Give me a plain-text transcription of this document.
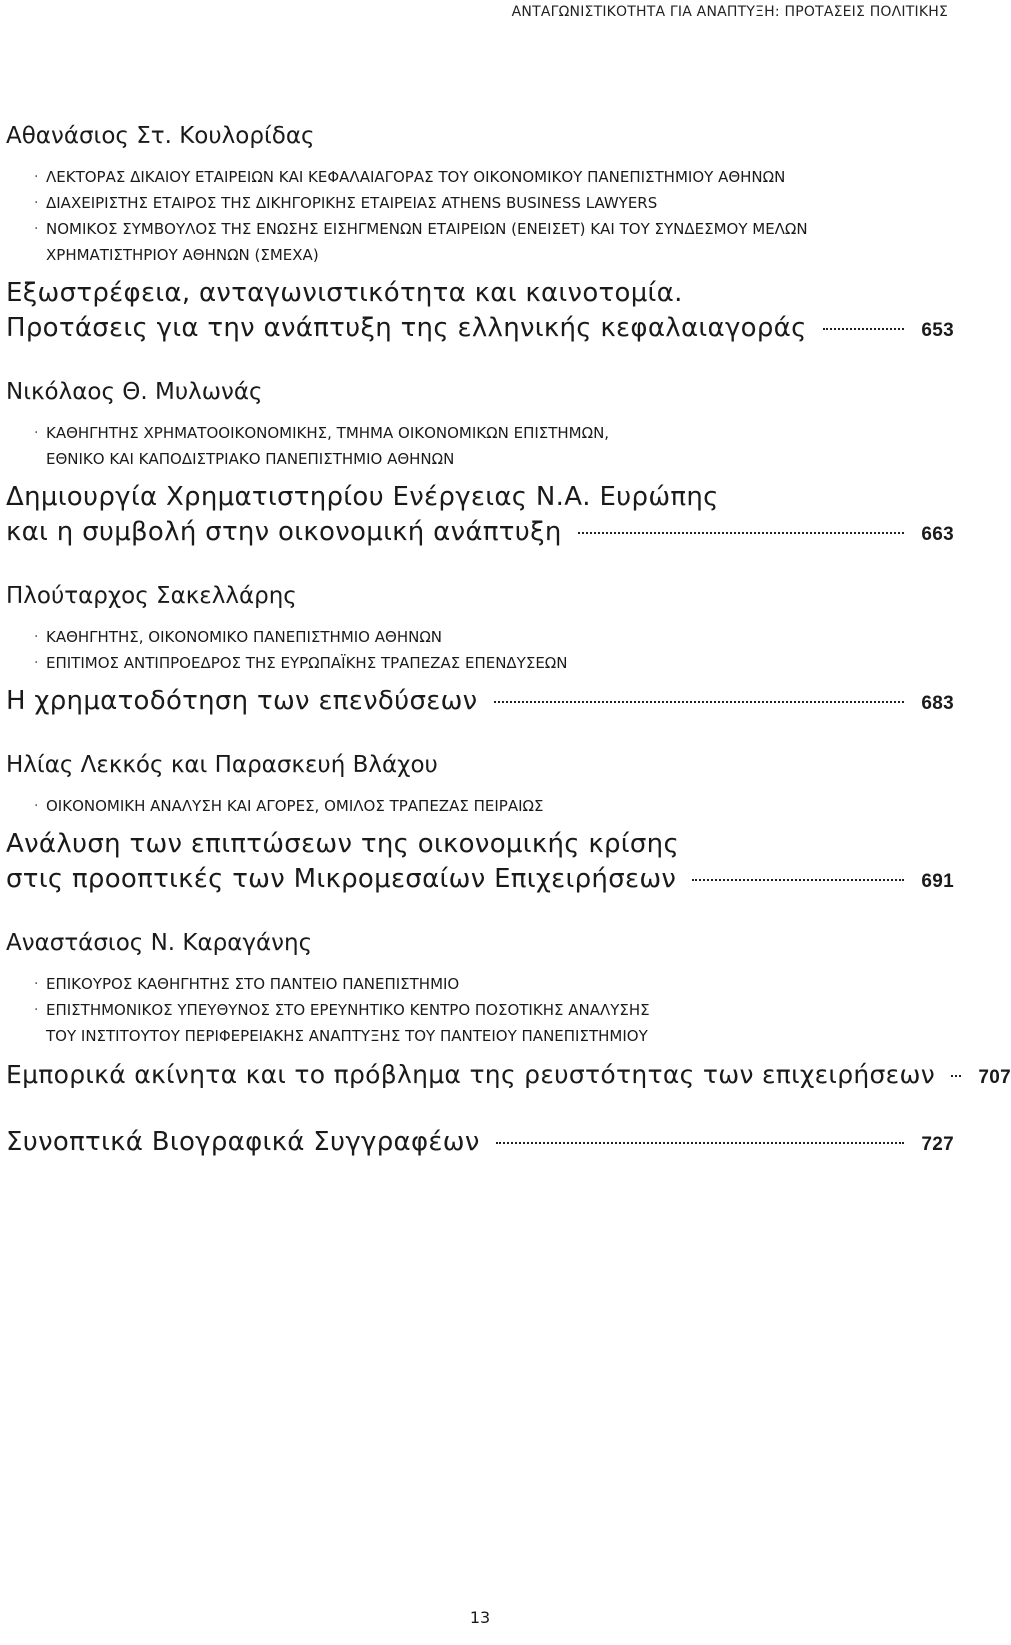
ΑΝΤΑΓΩΝΙΣΤΙΚΟΤΗΤΑ ΓΙΑ ΑΝΑΠΤΥΞΗ: ΠΡΟΤΑΣΕΙΣ ΠΟΛΙΤΙΚΗΣ
Αθανάσιος Στ. Κουλορίδας
· ΛΕΚΤΟΡΑΣ ΔΙΚΑΙΟΥ ΕΤΑΙΡΕΙΩΝ ΚΑΙ ΚΕΦΑΛΑΙΑΓΟΡΑΣ ΤΟΥ ΟΙΚΟΝΟΜΙΚΟΥ ΠΑΝΕΠΙΣΤΗΜΙΟΥ ΑΘΗΝΩΝ
· ΔΙΑΧΕΙΡΙΣΤΗΣ ΕΤΑΙΡΟΣ ΤΗΣ ΔΙΚΗΓΟΡΙΚΗΣ ΕΤΑΙΡΕΙΑΣ ATHENS BUSINESS LAWYERS
· ΝΟΜΙΚΟΣ ΣΥΜΒΟΥΛΟΣ ΤΗΣ ΕΝΩΣΗΣ ΕΙΣΗΓΜΕΝΩΝ ΕΤΑΙΡΕΙΩΝ (ΕΝΕΙΣΕΤ) ΚΑΙ ΤΟΥ ΣΥΝΔΕΣΜΟΥ ΜΕΛΩΝ
ΧΡΗΜΑΤΙΣΤΗΡΙΟΥ ΑΘΗΝΩΝ (ΣΜΕΧΑ)
Εξωστρέφεια, ανταγωνιστικότητα και καινοτομία.
Προτάσεις για την ανάπτυξη της ελληνικής κεφαλαιαγοράς	653
Νικόλαος Θ. Μυλωνάς
· ΚΑΘΗΓΗΤΗΣ ΧΡΗΜΑΤΟΟΙΚΟΝΟΜΙΚΗΣ, ΤΜΗΜΑ ΟΙΚΟΝΟΜΙΚΩΝ ΕΠΙΣΤΗΜΩΝ,
ΕΘΝΙΚΟ ΚΑΙ ΚΑΠΟΔΙΣΤΡΙΑΚΟ ΠΑΝΕΠΙΣΤΗΜΙΟ ΑΘΗΝΩΝ
Δημιουργία Χρηματιστηρίου Ενέργειας Ν.Α. Ευρώπης
και η συμβολή στην οικονομική ανάπτυξη	663
Πλούταρχος Σακελλάρης
· ΚΑΘΗΓΗΤΗΣ, ΟΙΚΟΝΟΜΙΚΟ ΠΑΝΕΠΙΣΤΗΜΙΟ ΑΘΗΝΩΝ
· ΕΠΙΤΙΜΟΣ ΑΝΤΙΠΡΟΕΔΡΟΣ ΤΗΣ ΕΥΡΩΠΑΪΚΗΣ ΤΡΑΠΕΖΑΣ ΕΠΕΝΔΥΣΕΩΝ
Η χρηματοδότηση των επενδύσεων	683
Ηλίας Λεκκός και Παρασκευή Βλάχου
· ΟΙΚΟΝΟΜΙΚΗ ΑΝΑΛΥΣΗ ΚΑΙ ΑΓΟΡΕΣ, ΟΜΙΛΟΣ ΤΡΑΠΕΖΑΣ ΠΕΙΡΑΙΩΣ
Ανάλυση των επιπτώσεων της οικονομικής κρίσης
στις προοπτικές των Μικρομεσαίων Επιχειρήσεων	691
Αναστάσιος Ν. Καραγάνης
· ΕΠΙΚΟΥΡΟΣ ΚΑΘΗΓΗΤΗΣ ΣΤΟ ΠΑΝΤΕΙΟ ΠΑΝΕΠΙΣΤΗΜΙΟ
· ΕΠΙΣΤΗΜΟΝΙΚΟΣ ΥΠΕΥΘΥΝΟΣ ΣΤΟ ΕΡΕΥΝΗΤΙΚΟ ΚΕΝΤΡΟ ΠΟΣΟΤΙΚΗΣ ΑΝΑΛΥΣΗΣ
ΤΟΥ ΙΝΣΤΙΤΟΥΤΟΥ ΠΕΡΙΦΕΡΕΙΑΚΗΣ ΑΝΑΠΤΥΞΗΣ ΤΟΥ ΠΑΝΤΕΙΟΥ ΠΑΝΕΠΙΣΤΗΜΙΟΥ
Εμπορικά ακίνητα και το πρόβλημα της ρευστότητας των επιχειρήσεων	707
Συνοπτικά Βιογραφικά Συγγραφέων	727
13
